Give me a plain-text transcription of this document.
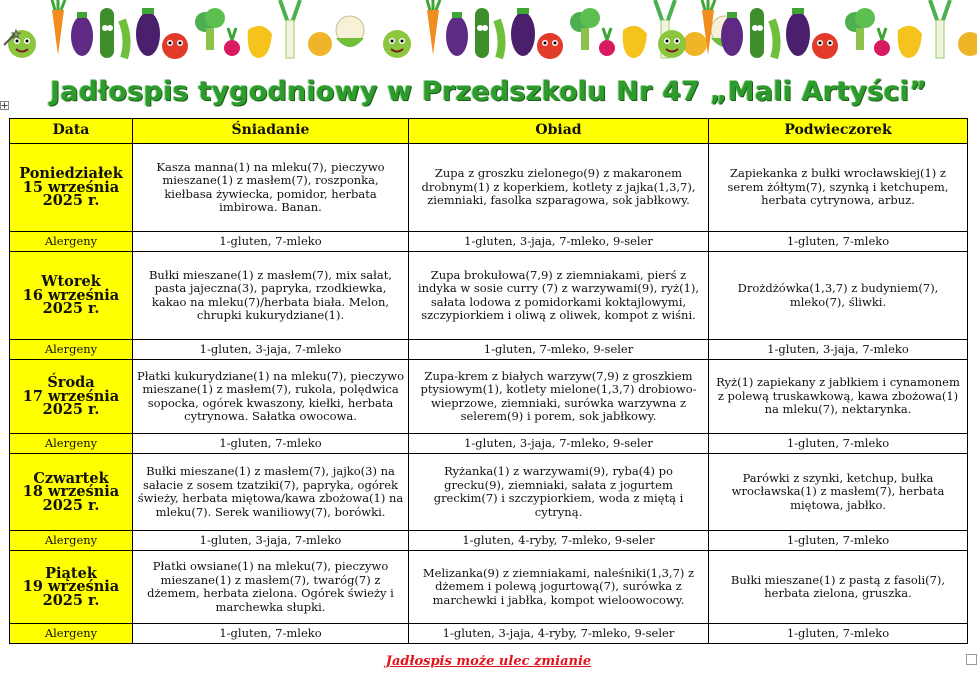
Jadłospis tygodniowy w Przedszkolu Nr 47 „Mali Artyści”
Data	Śniadanie	Obiad	Podwieczorek

Poniedziałek
15 września
2025 r.	Kasza manna(1) na mleku(7), pieczywo mieszane(1) z masłem(7), roszponka, kiełbasa żywiecka, pomidor, herbata imbirowa. Banan.	Zupa z groszku zielonego(9) z makaronem drobnym(1) z koperkiem, kotlety z jajka(1,3,7), ziemniaki, fasolka szparagowa, sok jabłkowy.	Zapiekanka z bułki wrocławskiej(1) z serem żółtym(7), szynką i ketchupem, herbata cytrynowa, arbuz.
Alergeny	1-gluten, 7-mleko	1-gluten, 3-jaja, 7-mleko, 9-seler	1-gluten, 7-mleko

Wtorek
16 września
2025 r.	Bułki mieszane(1) z masłem(7), mix sałat, pasta jajeczna(3), papryka, rzodkiewka, kakao na mleku(7)/herbata biała. Melon, chrupki kukurydziane(1).	Zupa brokułowa(7,9) z ziemniakami, pierś z indyka w sosie curry (7) z warzywami(9), ryż(1), sałata lodowa z pomidorkami koktajlowymi, szczypiorkiem i oliwą z oliwek, kompot z wiśni.	Drożdżówka(1,3,7) z budyniem(7), mleko(7), śliwki.
Alergeny	1-gluten, 3-jaja, 7-mleko	1-gluten, 7-mleko, 9-seler	1-gluten, 3-jaja, 7-mleko

Środa
17 września
2025 r.	Płatki kukurydziane(1) na mleku(7), pieczywo mieszane(1) z masłem(7), rukola, polędwica sopocka, ogórek kwaszony, kiełki, herbata cytrynowa. Sałatka owocowa.	Zupa-krem z białych warzyw(7,9) z groszkiem ptysiowym(1), kotlety mielone(1,3,7) drobiowo-wieprzowe, ziemniaki, surówka warzywna z selerem(9) i porem, sok jabłkowy.	Ryż(1) zapiekany z jabłkiem i cynamonem z polewą truskawkową, kawa zbożowa(1) na mleku(7), nektarynka.
Alergeny	1-gluten, 7-mleko	1-gluten, 3-jaja, 7-mleko, 9-seler	1-gluten, 7-mleko

Czwartek
18 września
2025 r.	Bułki mieszane(1) z masłem(7), jajko(3) na sałacie z sosem tzatziki(7), papryka, ogórek świeży, herbata miętowa/kawa zbożowa(1) na mleku(7). Serek waniliowy(7), borówki.	Ryżanka(1) z warzywami(9), ryba(4) po grecku(9), ziemniaki, sałata z jogurtem greckim(7) i szczypiorkiem, woda z miętą i cytryną.	Parówki z szynki, ketchup, bułka wrocławska(1) z masłem(7), herbata miętowa, jabłko.
Alergeny	1-gluten, 3-jaja, 7-mleko	1-gluten, 4-ryby, 7-mleko, 9-seler	1-gluten, 7-mleko

Piątek
19 września
2025 r.	Płatki owsiane(1) na mleku(7), pieczywo mieszane(1) z masłem(7), twaróg(7) z dżemem, herbata zielona. Ogórek świeży i marchewka słupki.	Melizanka(9) z ziemniakami, naleśniki(1,3,7) z dżemem i polewą jogurtową(7), surówka z marchewki i jabłka, kompot wieloowocowy.	Bułki mieszane(1) z pastą z fasoli(7), herbata zielona, gruszka.
Alergeny	1-gluten, 7-mleko	1-gluten, 3-jaja, 4-ryby, 7-mleko, 9-seler	1-gluten, 7-mleko
Jadłospis może ulec zmianie
